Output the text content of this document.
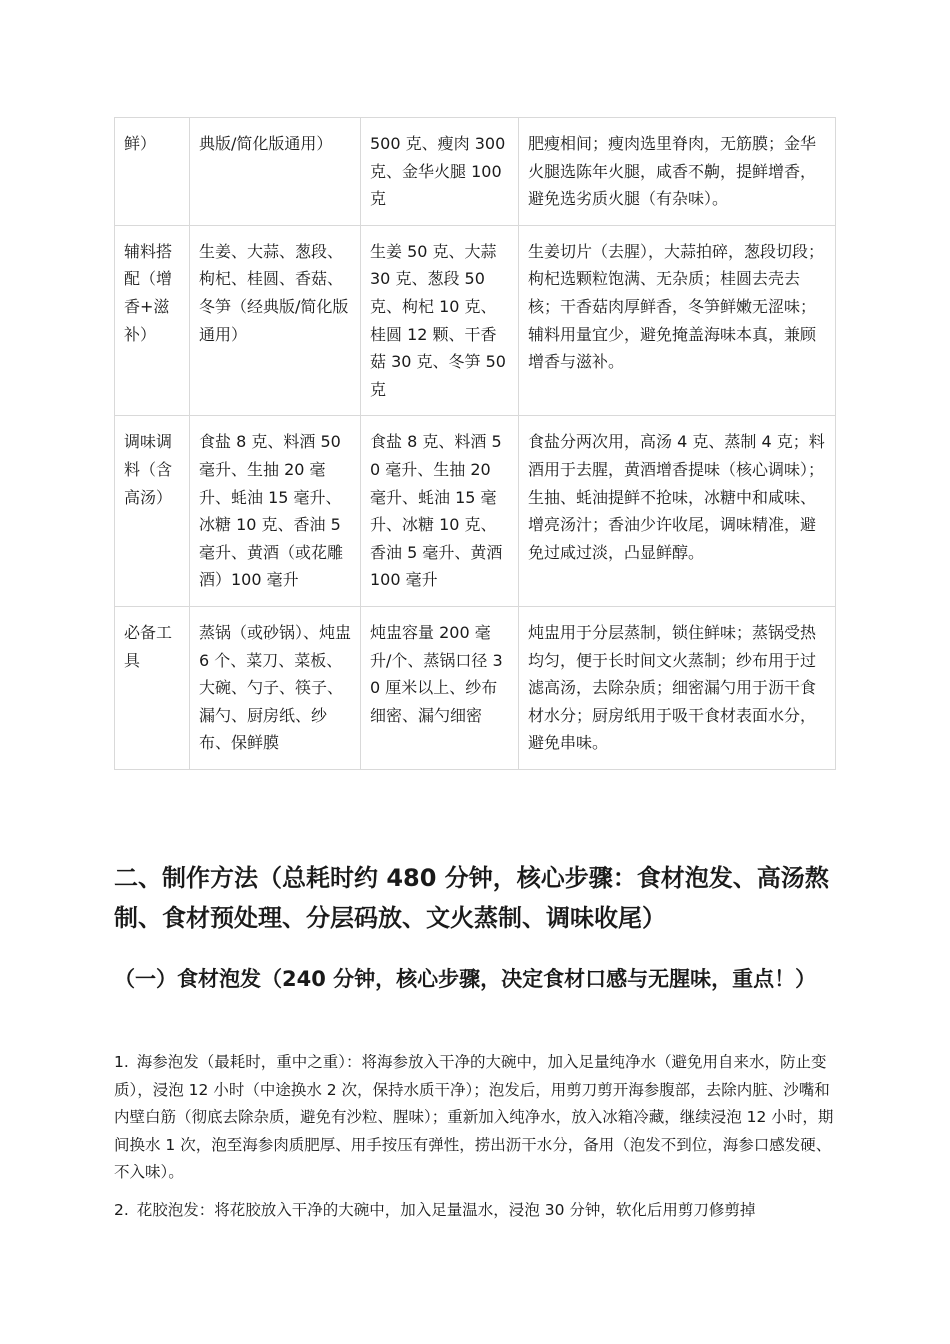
鲜）	典版/简化版通用）	500 克、瘦肉 300 克、金华火腿 100 克	肥瘦相间；瘦肉选里脊肉，无筋膜；金华火腿选陈年火腿，咸香不齁，提鲜增香，避免选劣质火腿（有杂味）。
辅料搭配（增香+滋补）	生姜、大蒜、葱段、枸杞、桂圆、香菇、冬笋（经典版/简化版通用）	生姜 50 克、大蒜 30 克、葱段 50 克、枸杞 10 克、桂圆 12 颗、干香菇 30 克、冬笋 50 克	生姜切片（去腥），大蒜拍碎，葱段切段；枸杞选颗粒饱满、无杂质；桂圆去壳去核；干香菇肉厚鲜香，冬笋鲜嫩无涩味；辅料用量宜少，避免掩盖海味本真，兼顾增香与滋补。
调味调料（含高汤）	食盐 8 克、料酒 50 毫升、生抽 20 毫升、蚝油 15 毫升、冰糖 10 克、香油 5 毫升、黄酒（或花雕酒）100 毫升	食盐 8 克、料酒 50 毫升、生抽 20 毫升、蚝油 15 毫升、冰糖 10 克、香油 5 毫升、黄酒 100 毫升	食盐分两次用，高汤 4 克、蒸制 4 克；料酒用于去腥，黄酒增香提味（核心调味）；生抽、蚝油提鲜不抢味，冰糖中和咸味、增亮汤汁；香油少许收尾，调味精准，避免过咸过淡，凸显鲜醇。
必备工具	蒸锅（或砂锅）、炖盅 6 个、菜刀、菜板、大碗、勺子、筷子、漏勺、厨房纸、纱布、保鲜膜	炖盅容量 200 毫升/个、蒸锅口径 30 厘米以上、纱布细密、漏勺细密	炖盅用于分层蒸制，锁住鲜味；蒸锅受热均匀，便于长时间文火蒸制；纱布用于过滤高汤，去除杂质；细密漏勺用于沥干食材水分；厨房纸用于吸干食材表面水分，避免串味。
二、制作方法（总耗时约 480 分钟，核心步骤：食材泡发、高汤熬制、食材预处理、分层码放、文火蒸制、调味收尾）
（一）食材泡发（240 分钟，核心步骤，决定食材口感与无腥味，重点！）

1. 海参泡发（最耗时，重中之重）：将海参放入干净的大碗中，加入足量纯净水（避免用自来水，防止变质），浸泡 12 小时（中途换水 2 次，保持水质干净）；泡发后，用剪刀剪开海参腹部，去除内脏、沙嘴和内壁白筋（彻底去除杂质，避免有沙粒、腥味）；重新加入纯净水，放入冰箱冷藏，继续浸泡 12 小时，期间换水 1 次，泡至海参肉质肥厚、用手按压有弹性，捞出沥干水分，备用（泡发不到位，海参口感发硬、不入味）。

2. 花胶泡发：将花胶放入干净的大碗中，加入足量温水，浸泡 30 分钟，软化后用剪刀修剪掉
